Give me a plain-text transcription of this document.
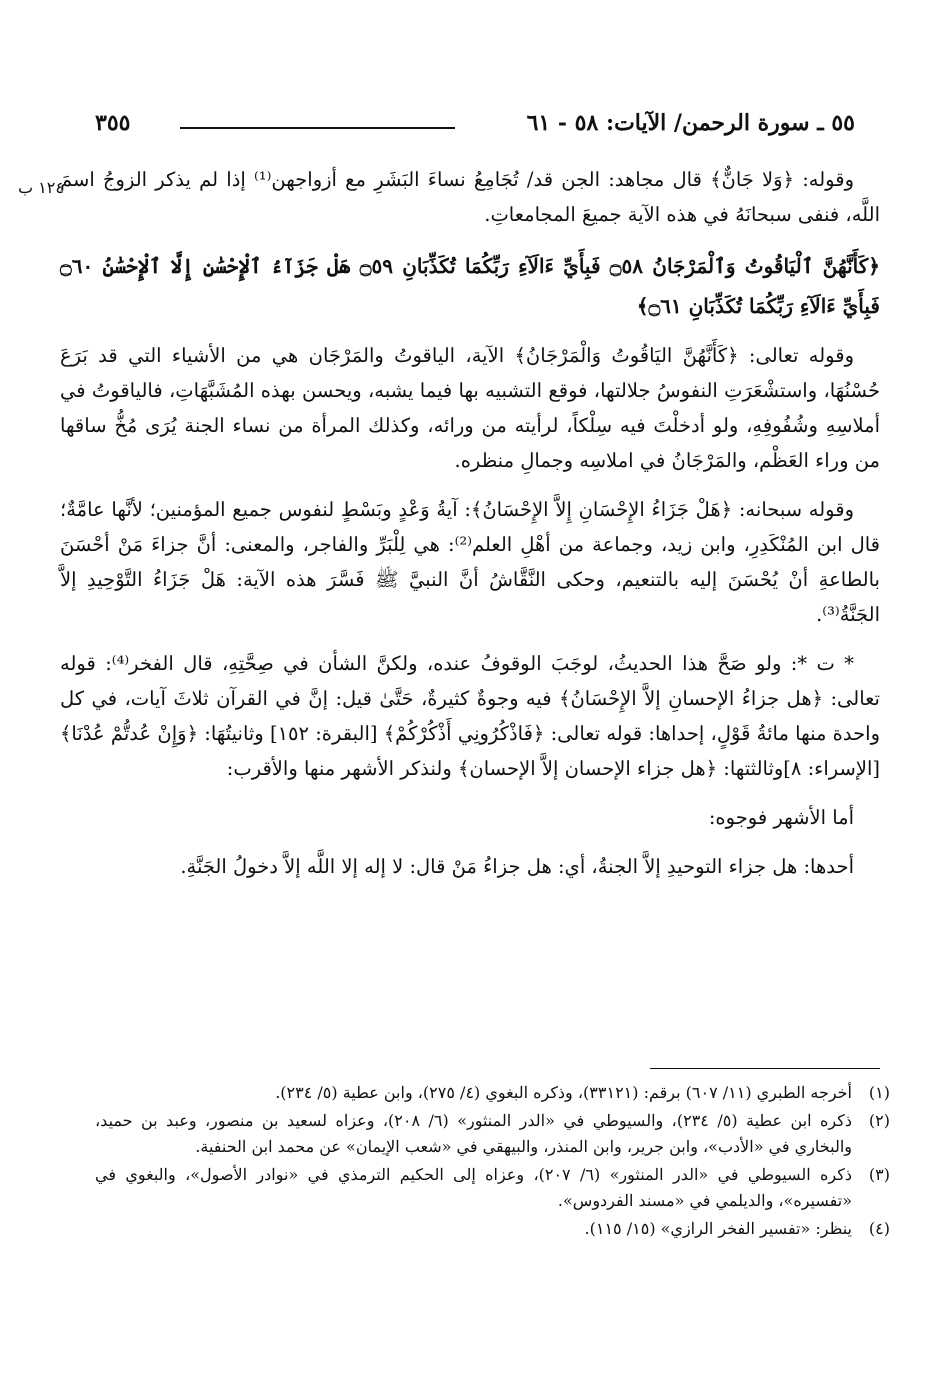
٥٥ ـ سورة الرحمن/ الآيات: ٥٨ - ٦١
٣٥٥
١٢٤ ب

وقوله: ﴿وَلا جَانٌّ﴾ قال مجاهد: الجن قد/ تُجَامِعُ نساءَ البَشَرِ مع أزواجهن⁽¹⁾ إذا لم يذكر الزوجُ اسمَ اللَّه، فنفى سبحانَهُ في هذه الآية جميعَ المجامعاتِ.

﴿كَأَنَّهُنَّ ٱلْيَاقُوتُ وَٱلْمَرْجَانُ ۝٥٨ فَبِأَيِّ ءَالَآءِ رَبِّكُمَا تُكَذِّبَانِ ۝٥٩ هَلْ جَزَآءُ ٱلْإِحْسَٰنِ إِلَّا ٱلْإِحْسَٰنُ ۝٦٠ فَبِأَيِّ ءَالَآءِ رَبِّكُمَا تُكَذِّبَانِ ۝٦١﴾

وقوله تعالى: ﴿كَأَنَّهُنَّ اليَاقُوتُ وَالْمَرْجَانُ﴾ الآية، الياقوتُ والمَرْجَان هي من الأشياء التي قد بَرَعَ حُسْنُهَا، واستشْعَرَتِ النفوسُ جلالتها، فوقع التشبيه بها فيما يشبه، ويحسن بهذه المُشَبَّهَاتِ، فالياقوتُ في أملاسِهِ وشُفُوفِهِ، ولو أدخلْتَ فيه سِلْكاً، لرأيته من ورائه، وكذلك المرأة من نساء الجنة يُرَى مُخُّ ساقها من وراء العَظْم، والمَرْجَانُ في املاسِه وجمالِ منظره.

وقوله سبحانه: ﴿هَلْ جَزَاءُ الإِحْسَانِ إِلاَّ الإِحْسَانُ﴾: آيةُ وَعْدٍ وبَسْطٍ لنفوس جميع المؤمنين؛ لأنَّها عامَّةٌ؛ قال ابن المُنْكَدِرِ، وابن زيد، وجماعة من أهْلِ العلم⁽²⁾: هي لِلْبَرِّ والفاجر، والمعنى: أنَّ جزاءَ مَنْ أحْسَنَ بالطاعةِ أنْ يُحْسَنَ إليه بالتنعيم، وحكى النَّقَّاشُ أنَّ النبيَّ ﷺ فَسَّرَ هذه الآية: هَلْ جَزَاءُ التَّوْحِيدِ إلاَّ الجَنَّةُ⁽³⁾.

* ت *: ولو صَحَّ هذا الحديثُ، لوجَبَ الوقوفُ عنده، ولكنَّ الشأن في صِحَّتِهِ، قال الفخر⁽⁴⁾: قوله تعالى: ﴿هل جزاءُ الإحسانِ إلاَّ الإِحْسَانُ﴾ فيه وجوةٌ كثيرةٌ، حَتَّىٰ قيل: إنَّ في القرآن ثلاثَ آيات، في كل واحدة منها مائةُ قَوْلٍ، إحداها: قوله تعالى: ﴿فَاذْكُرُونِي أَذْكُرْكُمْ﴾ [البقرة: ١٥٢] وثانيتُهَا: ﴿وَإِنْ عُدتُّمْ عُدْنَا﴾ [الإسراء: ٨]وثالثتها: ﴿هل جزاء الإحسان إلاَّ الإحسان﴾ ولنذكر الأشهر منها والأقرب:

أما الأشهر فوجوه:

أحدها: هل جزاء التوحيدِ إلاَّ الجنةُ، أي: هل جزاءُ مَنْ قال: لا إله إلا اللَّه إلاَّ دخولُ الجَنَّةِ.

(١)
أخرجه الطبري (١١/ ٦٠٧) برقم: (٣٣١٢١)، وذكره البغوي (٤/ ٢٧٥)، وابن عطية (٥/ ٢٣٤).
(٢)
ذكره ابن عطية (٥/ ٢٣٤)، والسيوطي في «الدر المنثور» (٦/ ٢٠٨)، وعزاه لسعيد بن منصور، وعبد بن حميد، والبخاري في «الأدب»، وابن جرير، وابن المنذر، والبيهقي في «شعب الإيمان» عن محمد ابن الحنفية.
(٣)
ذكره السيوطي في «الدر المنثور» (٦/ ٢٠٧)، وعزاه إلى الحكيم الترمذي في «نوادر الأصول»، والبغوي في «تفسيره»، والديلمي في «مسند الفردوس».
(٤)
ينظر: «تفسير الفخر الرازي» (١٥/ ١١٥).
